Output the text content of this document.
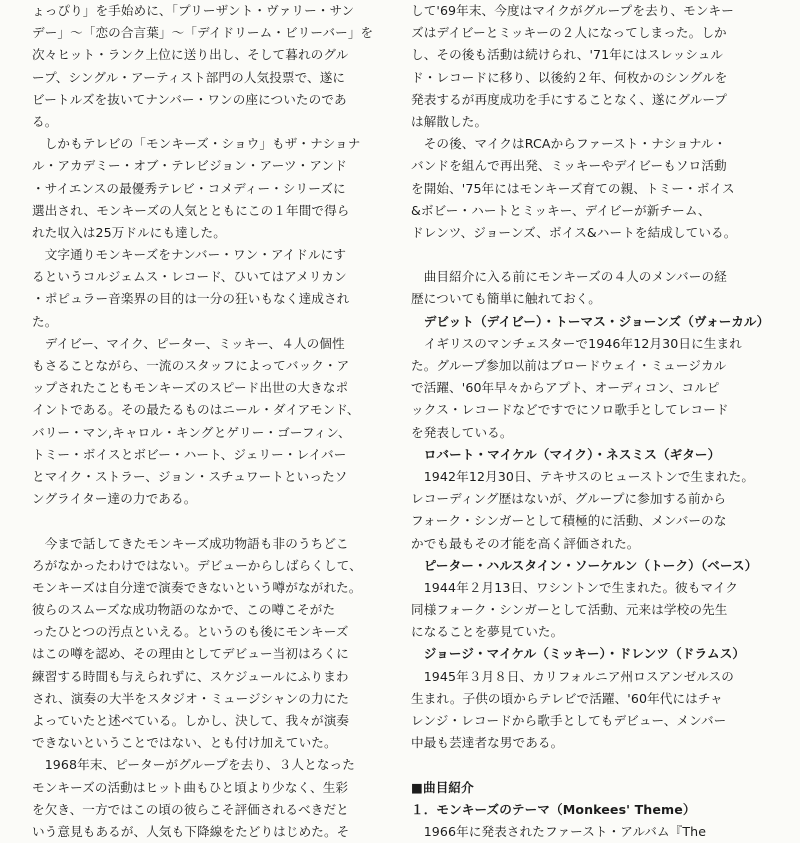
ょっぴり」を手始めに、「プリーザント・ヴァリー・サン
デー」〜「恋の合言葉」〜「デイドリーム・ビリーバー」を
次々ヒット・ランク上位に送り出し、そして暮れのグル
ープ、シングル・アーティスト部門の人気投票で、遂に
ビートルズを抜いてナンバー・ワンの座についたのであ
る。
　しかもテレビの「モンキーズ・ショウ」もザ・ナショナ
ル・アカデミー・オブ・テレビジョン・アーツ・アンド
・サイエンスの最優秀テレビ・コメディー・シリーズに
選出され、モンキーズの人気とともにこの１年間で得ら
れた収入は25万ドルにも達した。
　文字通りモンキーズをナンバー・ワン・アイドルにす
るというコルジェムス・レコード、ひいてはアメリカン
・ポピュラー音楽界の目的は一分の狂いもなく達成され
た。
　デイビー、マイク、ピーター、ミッキー、４人の個性
もさることながら、一流のスタッフによってバック・ア
ップされたこともモンキーズのスピード出世の大きなポ
イントである。その最たるものはニール・ダイアモンド、
バリー・マン,キャロル・キングとゲリー・ゴーフィン、
トミー・ボイスとボビー・ハート、ジェリー・レイバー
とマイク・ストラー、ジョン・スチュワートといったソ
ングライター達の力である。
　今まで話してきたモンキーズ成功物語も非のうちどこ
ろがなかったわけではない。デビューからしばらくして、
モンキーズは自分達で演奏できないという噂がながれた。
彼らのスムーズな成功物語のなかで、この噂こそがた
ったひとつの汚点といえる。というのも後にモンキーズ
はこの噂を認め、その理由としてデビュー当初はろくに
練習する時間も与えられずに、スケジュールにふりまわ
され、演奏の大半をスタジオ・ミュージシャンの力にた
よっていたと述べている。しかし、決して、我々が演奏
できないということではない、とも付け加えていた。
　1968年末、ピーターがグループを去り、３人となった
モンキーズの活動はヒット曲もひと頃より少なく、生彩
を欠き、一方ではこの頃の彼らこそ評価されるべきだと
いう意見もあるが、人気も下降線をたどりはじめた。そ
して'69年末、今度はマイクがグループを去り、モンキー
ズはデイビーとミッキーの２人になってしまった。しか
し、その後も活動は続けられ、'71年にはスレッシュル
ド・レコードに移り、以後約２年、何枚かのシングルを
発表するが再度成功を手にすることなく、遂にグループ
は解散した。
　その後、マイクはRCAからファースト・ナショナル・
バンドを組んで再出発、ミッキーやデイビーもソロ活動
を開始、'75年にはモンキーズ育ての親、トミー・ボイス
&ボビー・ハートとミッキー、デイビーが新チーム、
ドレンツ、ジョーンズ、ボイス&ハートを結成している。
　曲目紹介に入る前にモンキーズの４人のメンバーの経
歴についても簡単に触れておく。
　デビット（デイビー）・トーマス・ジョーンズ（ヴォーカル）
　イギリスのマンチェスターで1946年12月30日に生まれ
た。グループ参加以前はブロードウェイ・ミュージカル
で活躍、'60年早々からアプト、オーディコン、コルピ
ックス・レコードなどですでにソロ歌手としてレコード
を発表している。
　ロバート・マイケル（マイク）・ネスミス（ギター）
　1942年12月30日、テキサスのヒューストンで生まれた。
レコーディング歴はないが、グループに参加する前から
フォーク・シンガーとして積極的に活動、メンバーのな
かでも最もその才能を高く評価された。
　ピーター・ハルスタイン・ソーケルン（トーク）（ベース）
　1944年２月13日、ワシントンで生まれた。彼もマイク
同様フォーク・シンガーとして活動、元来は学校の先生
になることを夢見ていた。
　ジョージ・マイケル（ミッキー）・ドレンツ（ドラムス）
　1945年３月８日、カリフォルニア州ロスアンゼルスの
生まれ。子供の頃からテレビで活躍、'60年代にはチャ
レンジ・レコードから歌手としてもデビュー、メンバー
中最も芸達者な男である。
■曲目紹介
１．モンキーズのテーマ（Monkees' Theme）
　1966年に発表されたファースト・アルバム『The
